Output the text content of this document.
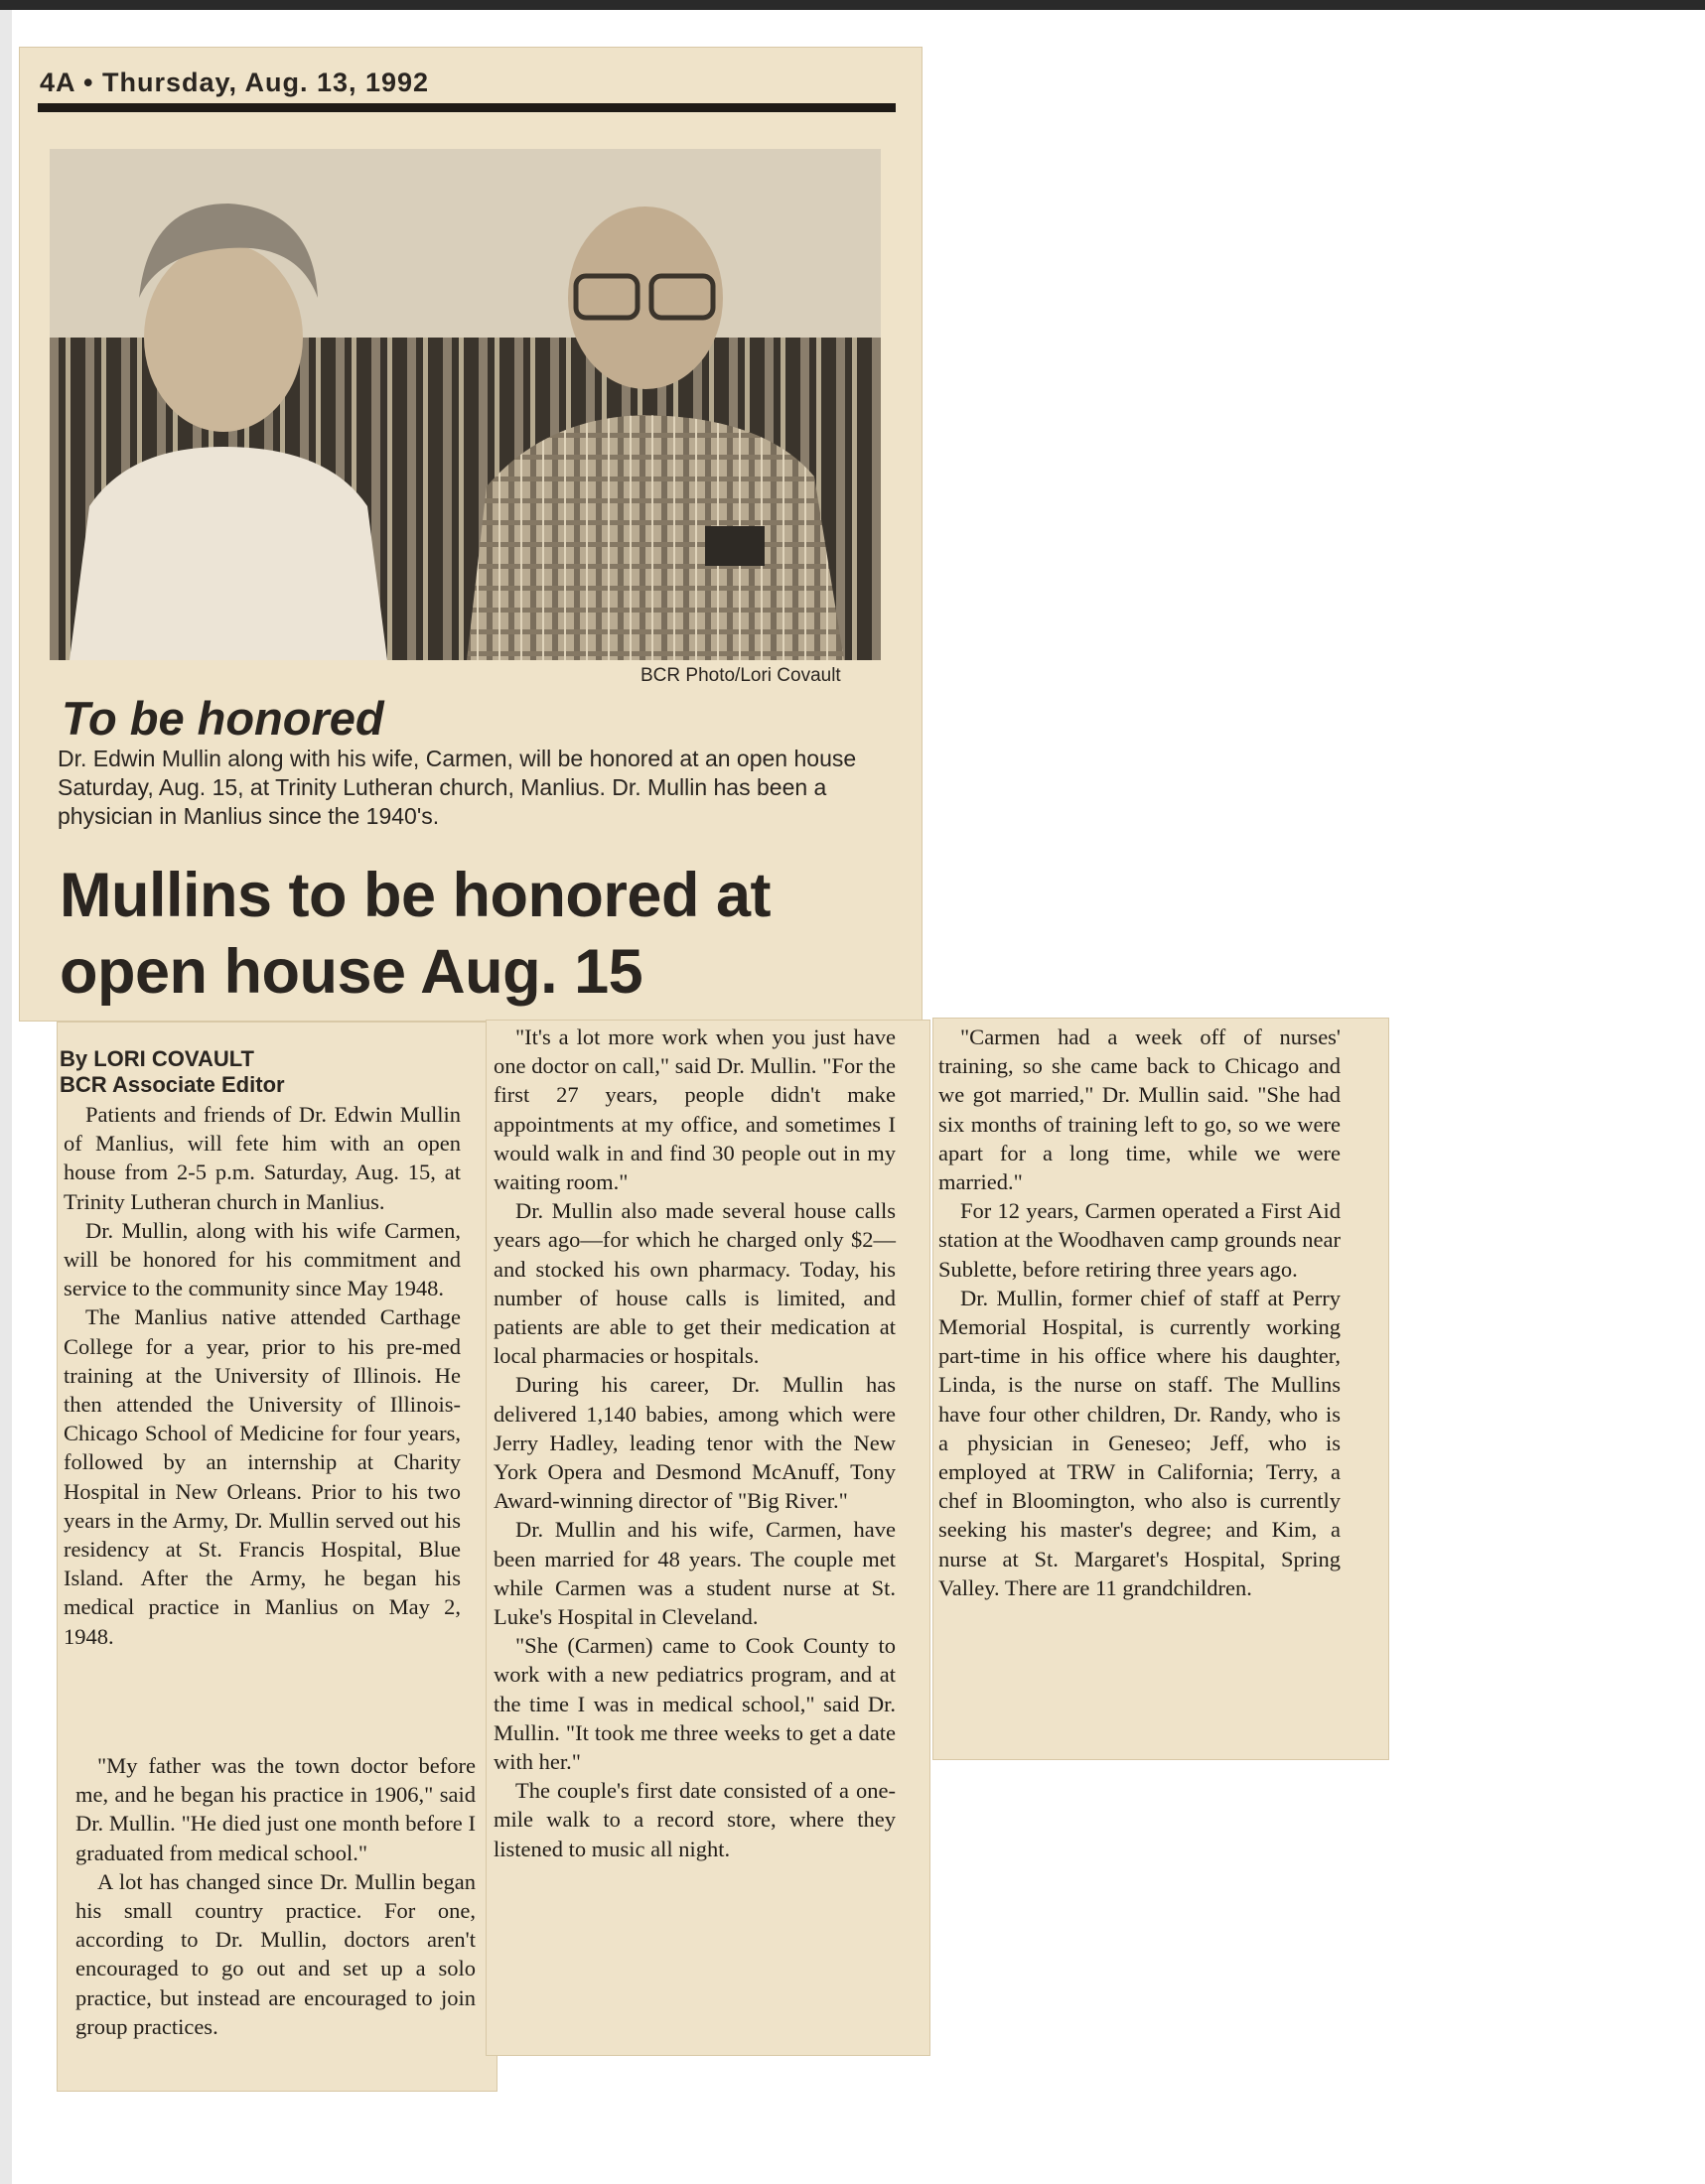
4A • Thursday, Aug. 13, 1992
BCR Photo/Lori Covault
To be honored
Dr. Edwin Mullin along with his wife, Carmen, will be honored at an open house Saturday, Aug. 15, at Trinity Lutheran church, Manlius. Dr. Mullin has been a physician in Manlius since the 1940's.
Mullins to be honored at open house Aug. 15
By LORI COVAULT
BCR Associate Editor

Patients and friends of Dr. Edwin Mullin of Manlius, will fete him with an open house from 2-5 p.m. Saturday, Aug. 15, at Trinity Lutheran church in Manlius.

Dr. Mullin, along with his wife Carmen, will be honored for his commitment and service to the community since May 1948.

The Manlius native attended Carthage College for a year, prior to his pre-med training at the University of Illinois. He then attended the University of Illinois-Chicago School of Medicine for four years, followed by an internship at Charity Hospital in New Orleans. Prior to his two years in the Army, Dr. Mullin served out his residency at St. Francis Hospital, Blue Island. After the Army, he began his medical practice in Manlius on May 2, 1948.

"My father was the town doctor before me, and he began his practice in 1906," said Dr. Mullin. "He died just one month before I graduated from medical school."

A lot has changed since Dr. Mullin began his small country practice. For one, according to Dr. Mullin, doctors aren't encouraged to go out and set up a solo practice, but instead are encouraged to join group practices.

"It's a lot more work when you just have one doctor on call," said Dr. Mullin. "For the first 27 years, people didn't make appointments at my office, and sometimes I would walk in and find 30 people out in my waiting room."

Dr. Mullin also made several house calls years ago—for which he charged only $2—and stocked his own pharmacy. Today, his number of house calls is limited, and patients are able to get their medication at local pharmacies or hospitals.

During his career, Dr. Mullin has delivered 1,140 babies, among which were Jerry Hadley, leading tenor with the New York Opera and Desmond McAnuff, Tony Award-winning director of "Big River."

Dr. Mullin and his wife, Carmen, have been married for 48 years. The couple met while Carmen was a student nurse at St. Luke's Hospital in Cleveland.

"She (Carmen) came to Cook County to work with a new pediatrics program, and at the time I was in medical school," said Dr. Mullin. "It took me three weeks to get a date with her."

The couple's first date consisted of a one-mile walk to a record store, where they listened to music all night.

"Carmen had a week off of nurses' training, so she came back to Chicago and we got married," Dr. Mullin said. "She had six months of training left to go, so we were apart for a long time, while we were married."

For 12 years, Carmen operated a First Aid station at the Woodhaven camp grounds near Sublette, before retiring three years ago.

Dr. Mullin, former chief of staff at Perry Memorial Hospital, is currently working part-time in his office where his daughter, Linda, is the nurse on staff. The Mullins have four other children, Dr. Randy, who is a physician in Geneseo; Jeff, who is employed at TRW in California; Terry, a chef in Bloomington, who also is currently seeking his master's degree; and Kim, a nurse at St. Margaret's Hospital, Spring Valley. There are 11 grandchildren.
